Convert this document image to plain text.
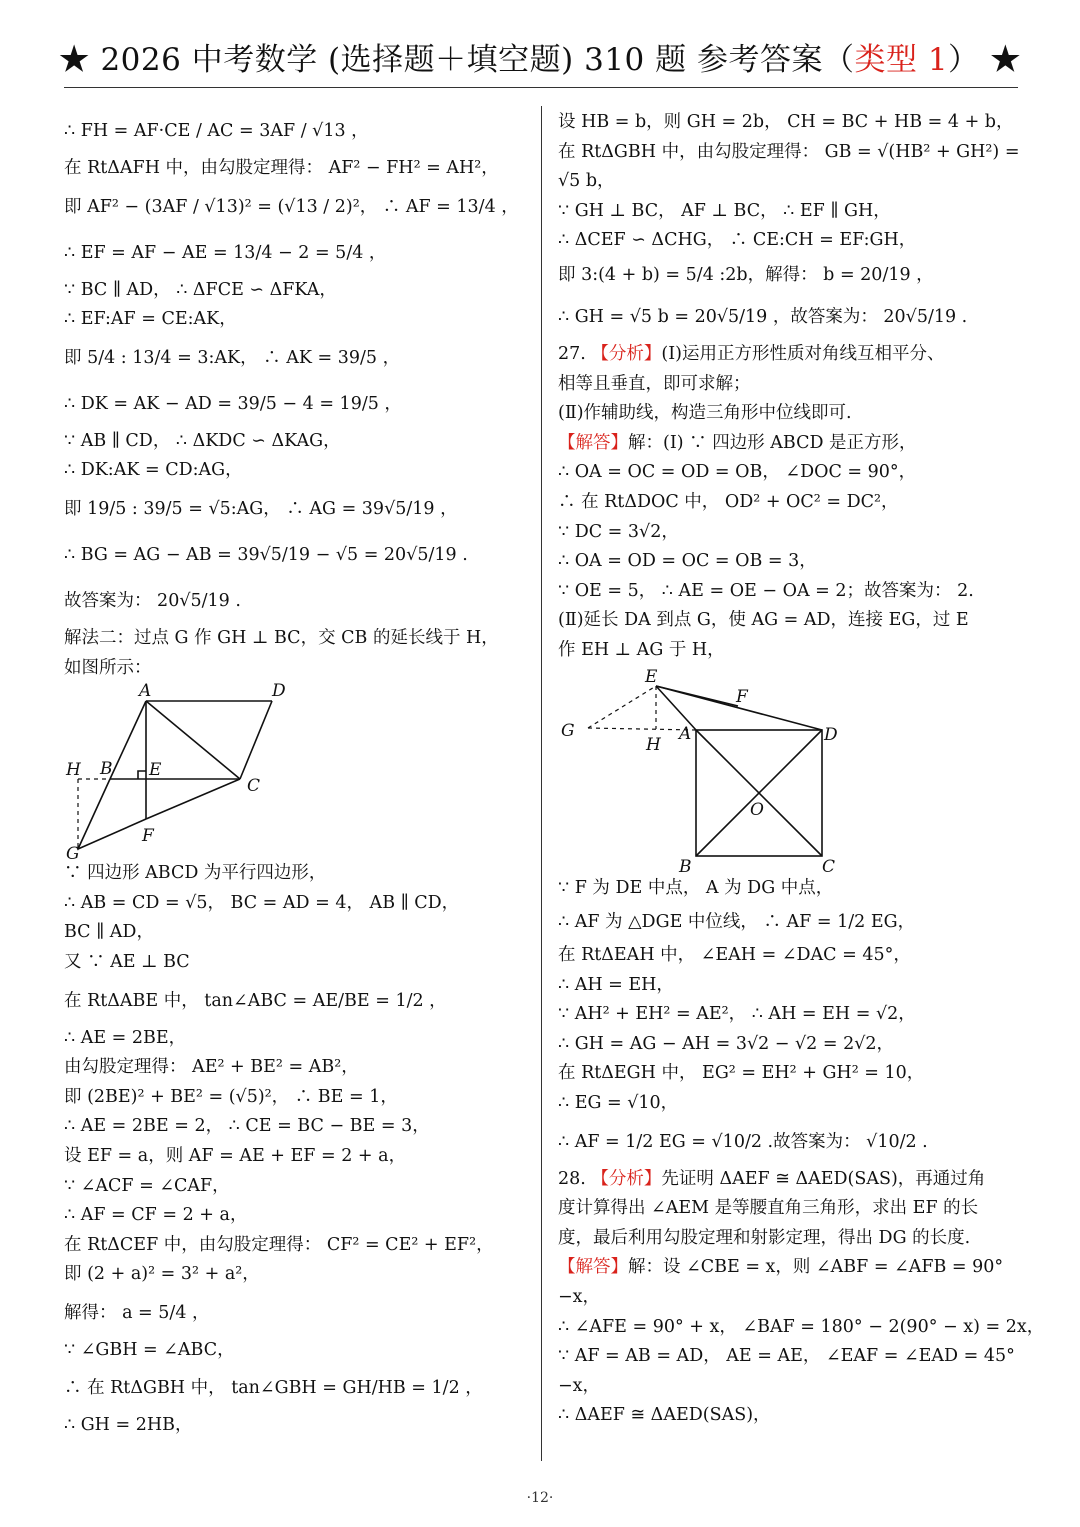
★ 2026 中考数学 (选择题＋填空题) 310 题 参考答案（类型 1） ★
∴ FH = AF·CE / AC = 3AF / √13 ，
在 RtΔAFH 中，由勾股定理得： AF² − FH² = AH²，
即 AF² − (3AF / √13)² = (√13 / 2)²， ∴ AF = 13/4 ，
∴ EF = AF − AE = 13/4 − 2 = 5/4 ，
∵ BC ∥ AD， ∴ ΔFCE ∽ ΔFKA，
∴ EF:AF = CE:AK，
即 5/4 : 13/4 = 3:AK， ∴ AK = 39/5 ，
∴ DK = AK − AD = 39/5 − 4 = 19/5 ，
∵ AB ∥ CD， ∴ ΔKDC ∽ ΔKAG，
∴ DK:AK = CD:AG，
即 19/5 : 39/5 = √5:AG， ∴ AG = 39√5/19 ，
∴ BG = AG − AB = 39√5/19 − √5 = 20√5/19 .
故答案为： 20√5/19 .
解法二：过点 G 作 GH ⊥ BC，交 CB 的延长线于 H，
如图所示：
A	D
H B E
C
F
G
∵ 四边形 ABCD 为平行四边形，
∴ AB = CD = √5， BC = AD = 4， AB ∥ CD，
BC ∥ AD，
又 ∵ AE ⊥ BC
在 RtΔABE 中， tan∠ABC = AE/BE = 1/2 ，
∴ AE = 2BE，
由勾股定理得： AE² + BE² = AB²，
即 (2BE)² + BE² = (√5)²， ∴ BE = 1，
∴ AE = 2BE = 2， ∴ CE = BC − BE = 3，
设 EF = a，则 AF = AE + EF = 2 + a，
∵ ∠ACF = ∠CAF，
∴ AF = CF = 2 + a，
在 RtΔCEF 中，由勾股定理得： CF² = CE² + EF²，
即 (2 + a)² = 3² + a²，
解得： a = 5/4 ，
∵ ∠GBH = ∠ABC，
∴ 在 RtΔGBH 中， tan∠GBH = GH/HB = 1/2 ，
∴ GH = 2HB，
设 HB = b，则 GH = 2b， CH = BC + HB = 4 + b，
在 RtΔGBH 中，由勾股定理得： GB = √(HB² + GH²) =
√5 b，
∵ GH ⊥ BC， AF ⊥ BC， ∴ EF ∥ GH，
∴ ΔCEF ∽ ΔCHG， ∴ CE:CH = EF:GH，
即 3:(4 + b) = 5/4 :2b，解得： b = 20/19 ，
∴ GH = √5 b = 20√5/19 ，故答案为： 20√5/19 .
27. 【分析】(Ⅰ)运用正方形性质对角线互相平分、
相等且垂直，即可求解；
(Ⅱ)作辅助线，构造三角形中位线即可.
【解答】解：(Ⅰ) ∵ 四边形 ABCD 是正方形，
∴ OA = OC = OD = OB， ∠DOC = 90°，
∴ 在 RtΔDOC 中， OD² + OC² = DC²，
∵ DC = 3√2，
∴ OA = OD = OC = OB = 3，
∵ OE = 5， ∴ AE = OE − OA = 2；故答案为： 2.
(Ⅱ)延长 DA 到点 G，使 AG = AD，连接 EG，过 E
作 EH ⊥ AG 于 H，
E
F
G	A
H	D
O
B	C
∵ F 为 DE 中点， A 为 DG 中点，
∴ AF 为 △DGE 中位线， ∴ AF = 1/2 EG，
在 RtΔEAH 中， ∠EAH = ∠DAC = 45°，
∴ AH = EH，
∵ AH² + EH² = AE²， ∴ AH = EH = √2，
∴ GH = AG − AH = 3√2 − √2 = 2√2，
在 RtΔEGH 中， EG² = EH² + GH² = 10，
∴ EG = √10，
∴ AF = 1/2 EG = √10/2 .故答案为： √10/2 .
28. 【分析】先证明 ΔAEF ≅ ΔAED(SAS)，再通过角
度计算得出 ∠AEM 是等腰直角三角形，求出 EF 的长
度，最后利用勾股定理和射影定理，得出 DG 的长度.
【解答】解：设 ∠CBE = x，则 ∠ABF = ∠AFB = 90°
−x，
∴ ∠AFE = 90° + x， ∠BAF = 180° − 2(90° − x) = 2x，
∵ AF = AB = AD， AE = AE， ∠EAF = ∠EAD = 45°
−x，
∴ ΔAEF ≅ ΔAED(SAS)，
·12·
